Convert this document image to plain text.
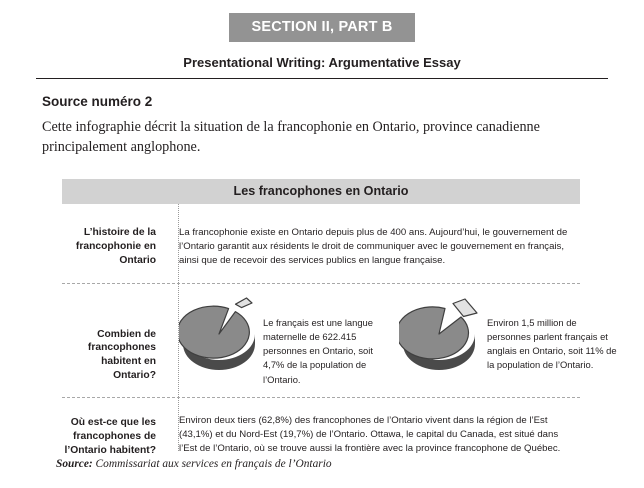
SECTION II, PART B
Presentational Writing: Argumentative Essay
Source numéro 2
Cette infographie décrit la situation de la francophonie en Ontario, province canadienne principalement anglophone.
Les francophones en Ontario
L’histoire de la francophonie en Ontario
La francophonie existe en Ontario depuis plus de 400 ans. Aujourd’hui, le gouvernement de l’Ontario garantit aux résidents le droit de communiquer avec le gouvernement en français, ainsi que de recevoir des services publics en langue française.
Combien de francophones habitent en Ontario?
Le français est une langue maternelle de 622.415 personnes en Ontario, soit 4,7% de la population de l’Ontario.
Environ 1,5 million de personnes parlent français et anglais en Ontario, soit 11% de la population de l’Ontario.
Où est-ce que les francophones de l’Ontario habitent?
Environ deux tiers (62,8%) des francophones de l’Ontario vivent dans la région de l’Est (43,1%) et du Nord-Est (19,7%) de l’Ontario. Ottawa, le capital du Canada, est situé dans l’Est de l’Ontario, où se trouve aussi la frontière avec la province francophone de Québec.
Source: Commissariat aux services en français de l’Ontario
